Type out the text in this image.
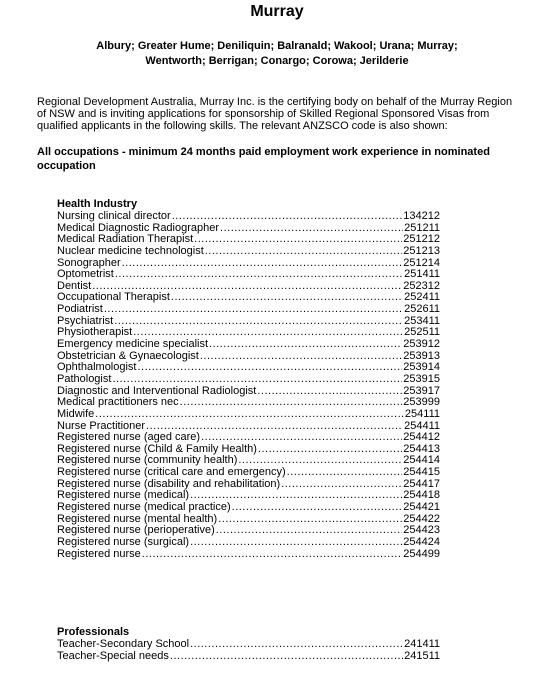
Murray
Albury; Greater Hume; Deniliquin; Balranald; Wakool; Urana; Murray;
Wentworth; Berrigan; Conargo; Corowa; Jerilderie
Regional Development Australia, Murray Inc. is the certifying body on behalf of the Murray Region
of NSW and is inviting applications for sponsorship of Skilled Regional Sponsored Visas from
qualified applicants in the following skills. The relevant ANZSCO code is also shown:
All occupations - minimum 24 months paid employment work experience in nominated
occupation
Health Industry
Nursing clinical director .....	134212
Medical Diagnostic Radiographer .....	251211
Medical Radiation Therapist .....	251212
Nuclear medicine technologist .....	251213
Sonographer .....	251214
Optometrist .....	251411
Dentist .....	252312
Occupational Therapist .....	252411
Podiatrist .....	252611
Psychiatrist .....	253411
Physiotherapist .....	252511
Emergency medicine specialist .....	253912
Obstetrician & Gynaecologist .....	253913
Ophthalmologist .....	253914
Pathologist .....	253915
Diagnostic and Interventional Radiologist .....	253917
Medical practitioners nec .....	253999
Midwife .....	254111
Nurse Practitioner .....	254411
Registered nurse (aged care) .....	254412
Registered nurse (Child & Family Health) .....	254413
Registered nurse (community health) .....	254414
Registered nurse (critical care and emergency) .....	254415
Registered nurse (disability and rehabilitation) .....	254417
Registered nurse (medical) .....	254418
Registered nurse (medical practice) .....	254421
Registered nurse (mental health) .....	254422
Registered nurse (perioperative) .....	254423
Registered nurse (surgical) .....	254424
Registered nurse .....	254499
Professionals
Teacher-Secondary School .....	241411
Teacher-Special needs .....	241511
